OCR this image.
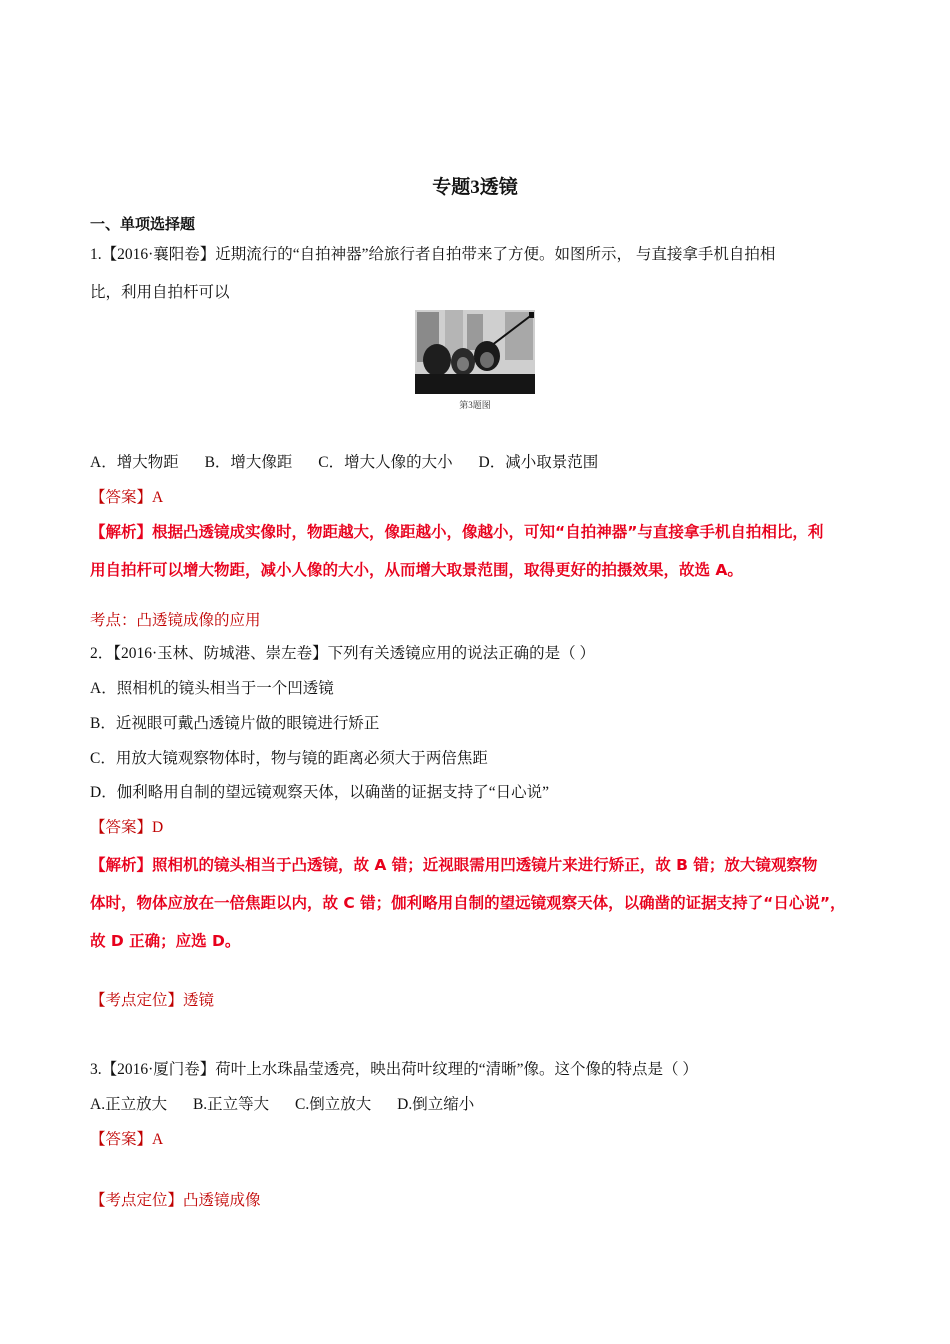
专题3透镜
一、单项选择题
1.【2016·襄阳卷】近期流行的“自拍神器”给旅行者自拍带来了方便。如图所示， 与直接拿手机自拍相
比，利用自拍杆可以
第3题图
A．增大物距 B．增大像距 C．增大人像的大小 D．减小取景范围
【答案】A
【解析】根据凸透镜成实像时，物距越大，像距越小，像越小，可知“自拍神器”与直接拿手机自拍相比，利
用自拍杆可以增大物距，减小人像的大小，从而增大取景范围，取得更好的拍摄效果，故选 A。
考点：凸透镜成像的应用
2．【2016·玉林、防城港、崇左卷】下列有关透镜应用的说法正确的是（ ）
A．照相机的镜头相当于一个凹透镜
B．近视眼可戴凸透镜片做的眼镜进行矫正
C．用放大镜观察物体时，物与镜的距离必须大于两倍焦距
D．伽利略用自制的望远镜观察天体，以确凿的证据支持了“日心说”
【答案】D
【解析】照相机的镜头相当于凸透镜，故 A 错；近视眼需用凹透镜片来进行矫正，故 B 错；放大镜观察物
体时，物体应放在一倍焦距以内，故 C 错；伽利略用自制的望远镜观察天体，以确凿的证据支持了“日心说”，
故 D 正确；应选 D。
【考点定位】透镜
3.【2016·厦门卷】荷叶上水珠晶莹透亮，映出荷叶纹理的“清晰”像。这个像的特点是（ ）
A.正立放大 B.正立等大 C.倒立放大 D.倒立缩小
【答案】A
【考点定位】凸透镜成像
